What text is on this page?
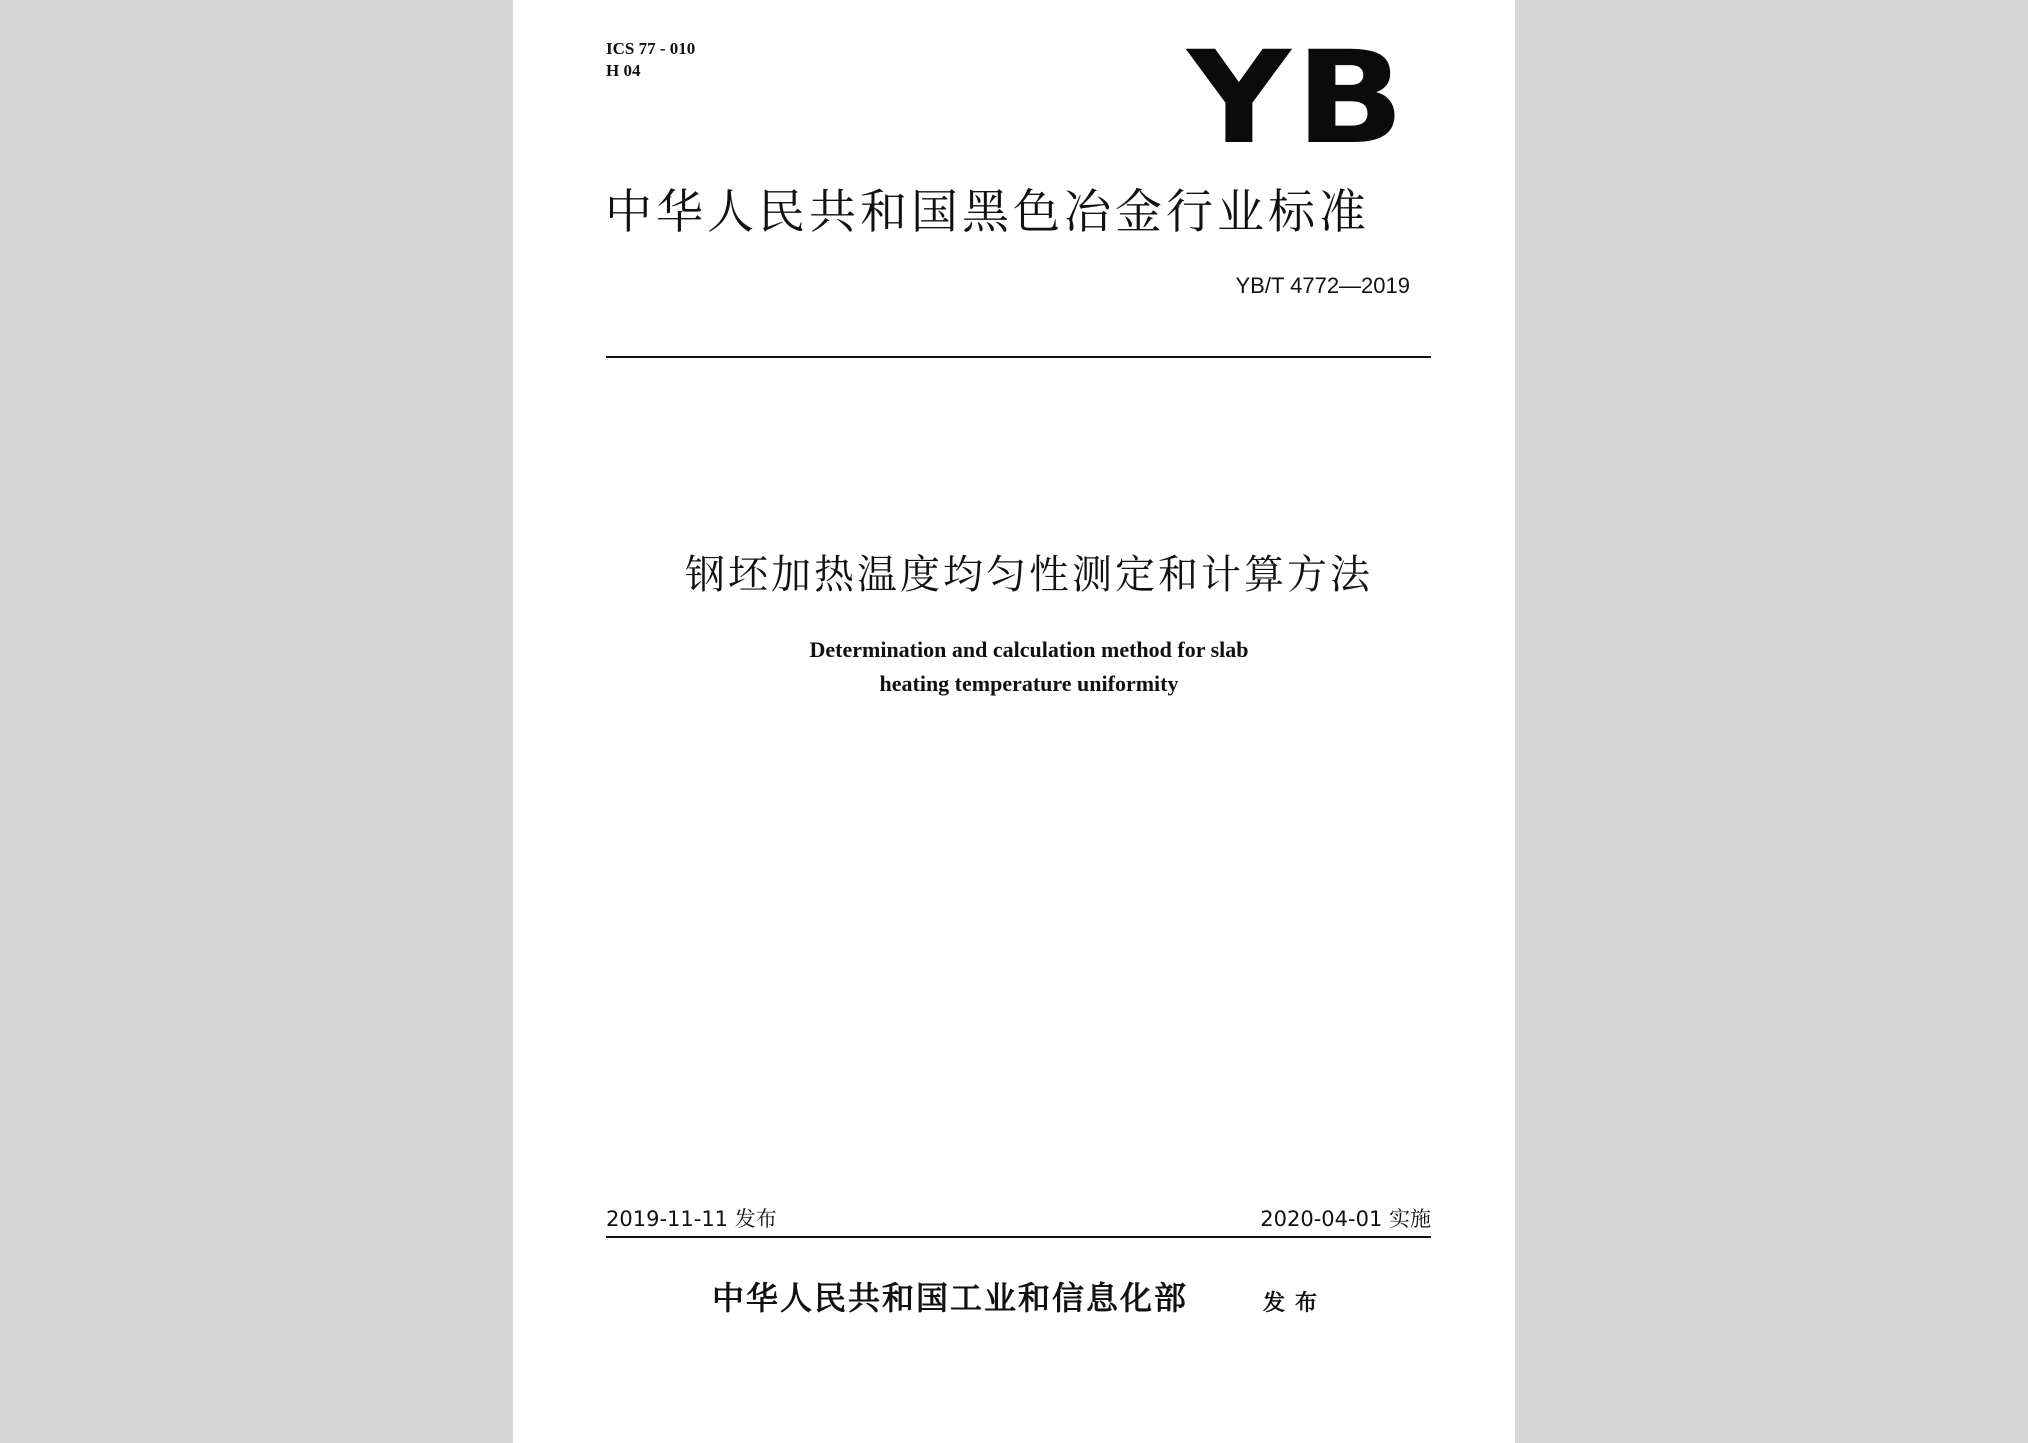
ICS 77 - 010
H 04	YB
中华人民共和国黑色冶金行业标准
YB/T 4772—2019
钢坯加热温度均匀性测定和计算方法
Determination and calculation method for slab
heating temperature uniformity
2019-11-11 发布	2020-04-01 实施
中华人民共和国工业和信息化部	发布
